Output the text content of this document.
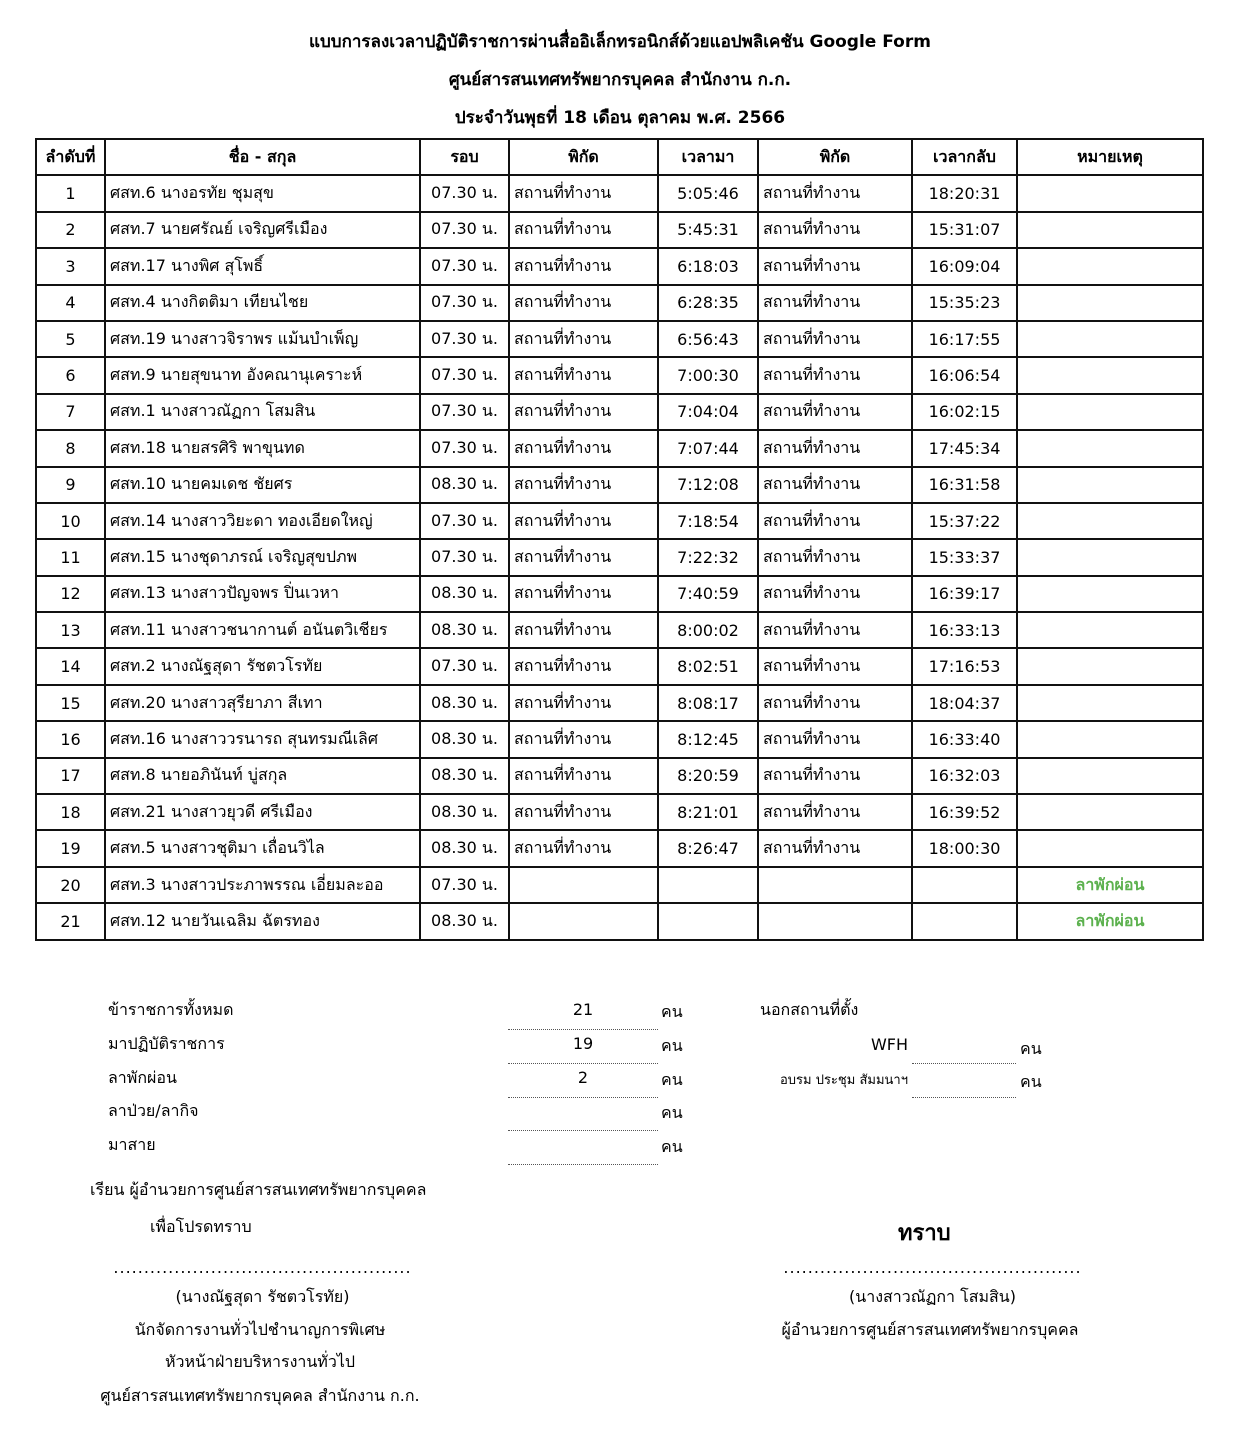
แบบการลงเวลาปฏิบัติราชการผ่านสื่ออิเล็กทรอนิกส์ด้วยแอปพลิเคชัน Google Form
ศูนย์สารสนเทศทรัพยากรบุคคล สำนักงาน ก.ก.
ประจำวันพุธที่ 18 เดือน ตุลาคม พ.ศ. 2566
ลำดับที่	ชื่อ - สกุล	รอบ	พิกัด	เวลามา	พิกัด	เวลากลับ	หมายเหตุ
1	ศสท.6 นางอรทัย ชุมสุข	07.30 น.	สถานที่ทำงาน	5:05:46	สถานที่ทำงาน	18:20:31	
2	ศสท.7 นายศรัณย์ เจริญศรีเมือง	07.30 น.	สถานที่ทำงาน	5:45:31	สถานที่ทำงาน	15:31:07	
3	ศสท.17 นางพิศ สุโพธิ์	07.30 น.	สถานที่ทำงาน	6:18:03	สถานที่ทำงาน	16:09:04	
4	ศสท.4 นางกิตติมา เทียนไชย	07.30 น.	สถานที่ทำงาน	6:28:35	สถานที่ทำงาน	15:35:23	
5	ศสท.19 นางสาวจิราพร แม้นบำเพ็ญ	07.30 น.	สถานที่ทำงาน	6:56:43	สถานที่ทำงาน	16:17:55	
6	ศสท.9 นายสุขนาท อังคณานุเคราะห์	07.30 น.	สถานที่ทำงาน	7:00:30	สถานที่ทำงาน	16:06:54	
7	ศสท.1 นางสาวณัฏกา โสมสิน	07.30 น.	สถานที่ทำงาน	7:04:04	สถานที่ทำงาน	16:02:15	
8	ศสท.18 นายสรศิริ พาขุนทด	07.30 น.	สถานที่ทำงาน	7:07:44	สถานที่ทำงาน	17:45:34	
9	ศสท.10 นายคมเดช ชัยศร	08.30 น.	สถานที่ทำงาน	7:12:08	สถานที่ทำงาน	16:31:58	
10	ศสท.14 นางสาววิยะดา ทองเอียดใหญ่	07.30 น.	สถานที่ทำงาน	7:18:54	สถานที่ทำงาน	15:37:22	
11	ศสท.15 นางชุดาภรณ์ เจริญสุขปภพ	07.30 น.	สถานที่ทำงาน	7:22:32	สถานที่ทำงาน	15:33:37	
12	ศสท.13 นางสาวปัญจพร ปิ่นเวหา	08.30 น.	สถานที่ทำงาน	7:40:59	สถานที่ทำงาน	16:39:17	
13	ศสท.11 นางสาวชนากานต์ อนันตวิเชียร	08.30 น.	สถานที่ทำงาน	8:00:02	สถานที่ทำงาน	16:33:13	
14	ศสท.2 นางณัฐสุดา รัชตวโรทัย	07.30 น.	สถานที่ทำงาน	8:02:51	สถานที่ทำงาน	17:16:53	
15	ศสท.20 นางสาวสุรียาภา สีเทา	08.30 น.	สถานที่ทำงาน	8:08:17	สถานที่ทำงาน	18:04:37	
16	ศสท.16 นางสาววรนารถ สุนทรมณีเลิศ	08.30 น.	สถานที่ทำงาน	8:12:45	สถานที่ทำงาน	16:33:40	
17	ศสท.8 นายอภินันท์ บู่สกุล	08.30 น.	สถานที่ทำงาน	8:20:59	สถานที่ทำงาน	16:32:03	
18	ศสท.21 นางสาวยุวดี ศรีเมือง	08.30 น.	สถานที่ทำงาน	8:21:01	สถานที่ทำงาน	16:39:52	
19	ศสท.5 นางสาวชุติมา เถื่อนวิไล	08.30 น.	สถานที่ทำงาน	8:26:47	สถานที่ทำงาน	18:00:30	
20	ศสท.3 นางสาวประภาพรรณ เอี่ยมละออ	07.30 น.					ลาพักผ่อน
21	ศสท.12 นายวันเฉลิม ฉัตรทอง	08.30 น.					ลาพักผ่อน
ข้าราชการทั้งหมด	21	คน
มาปฏิบัติราชการ	19	คน
ลาพักผ่อน	2	คน
ลาป่วย/ลากิจ	คน
มาสาย	คน
นอกสถานที่ตั้ง
WFH	คน
อบรม ประชุม สัมมนาฯ	คน
เรียน ผู้อำนวยการศูนย์สารสนเทศทรัพยากรบุคคล
เพื่อโปรดทราบ	ทราบ
.................................................
(นางณัฐสุดา รัชตวโรทัย)
นักจัดการงานทั่วไปชำนาญการพิเศษ
หัวหน้าฝ่ายบริหารงานทั่วไป
ศูนย์สารสนเทศทรัพยากรบุคคล สำนักงาน ก.ก.
.................................................
(นางสาวณัฏกา โสมสิน)
ผู้อำนวยการศูนย์สารสนเทศทรัพยากรบุคคล
